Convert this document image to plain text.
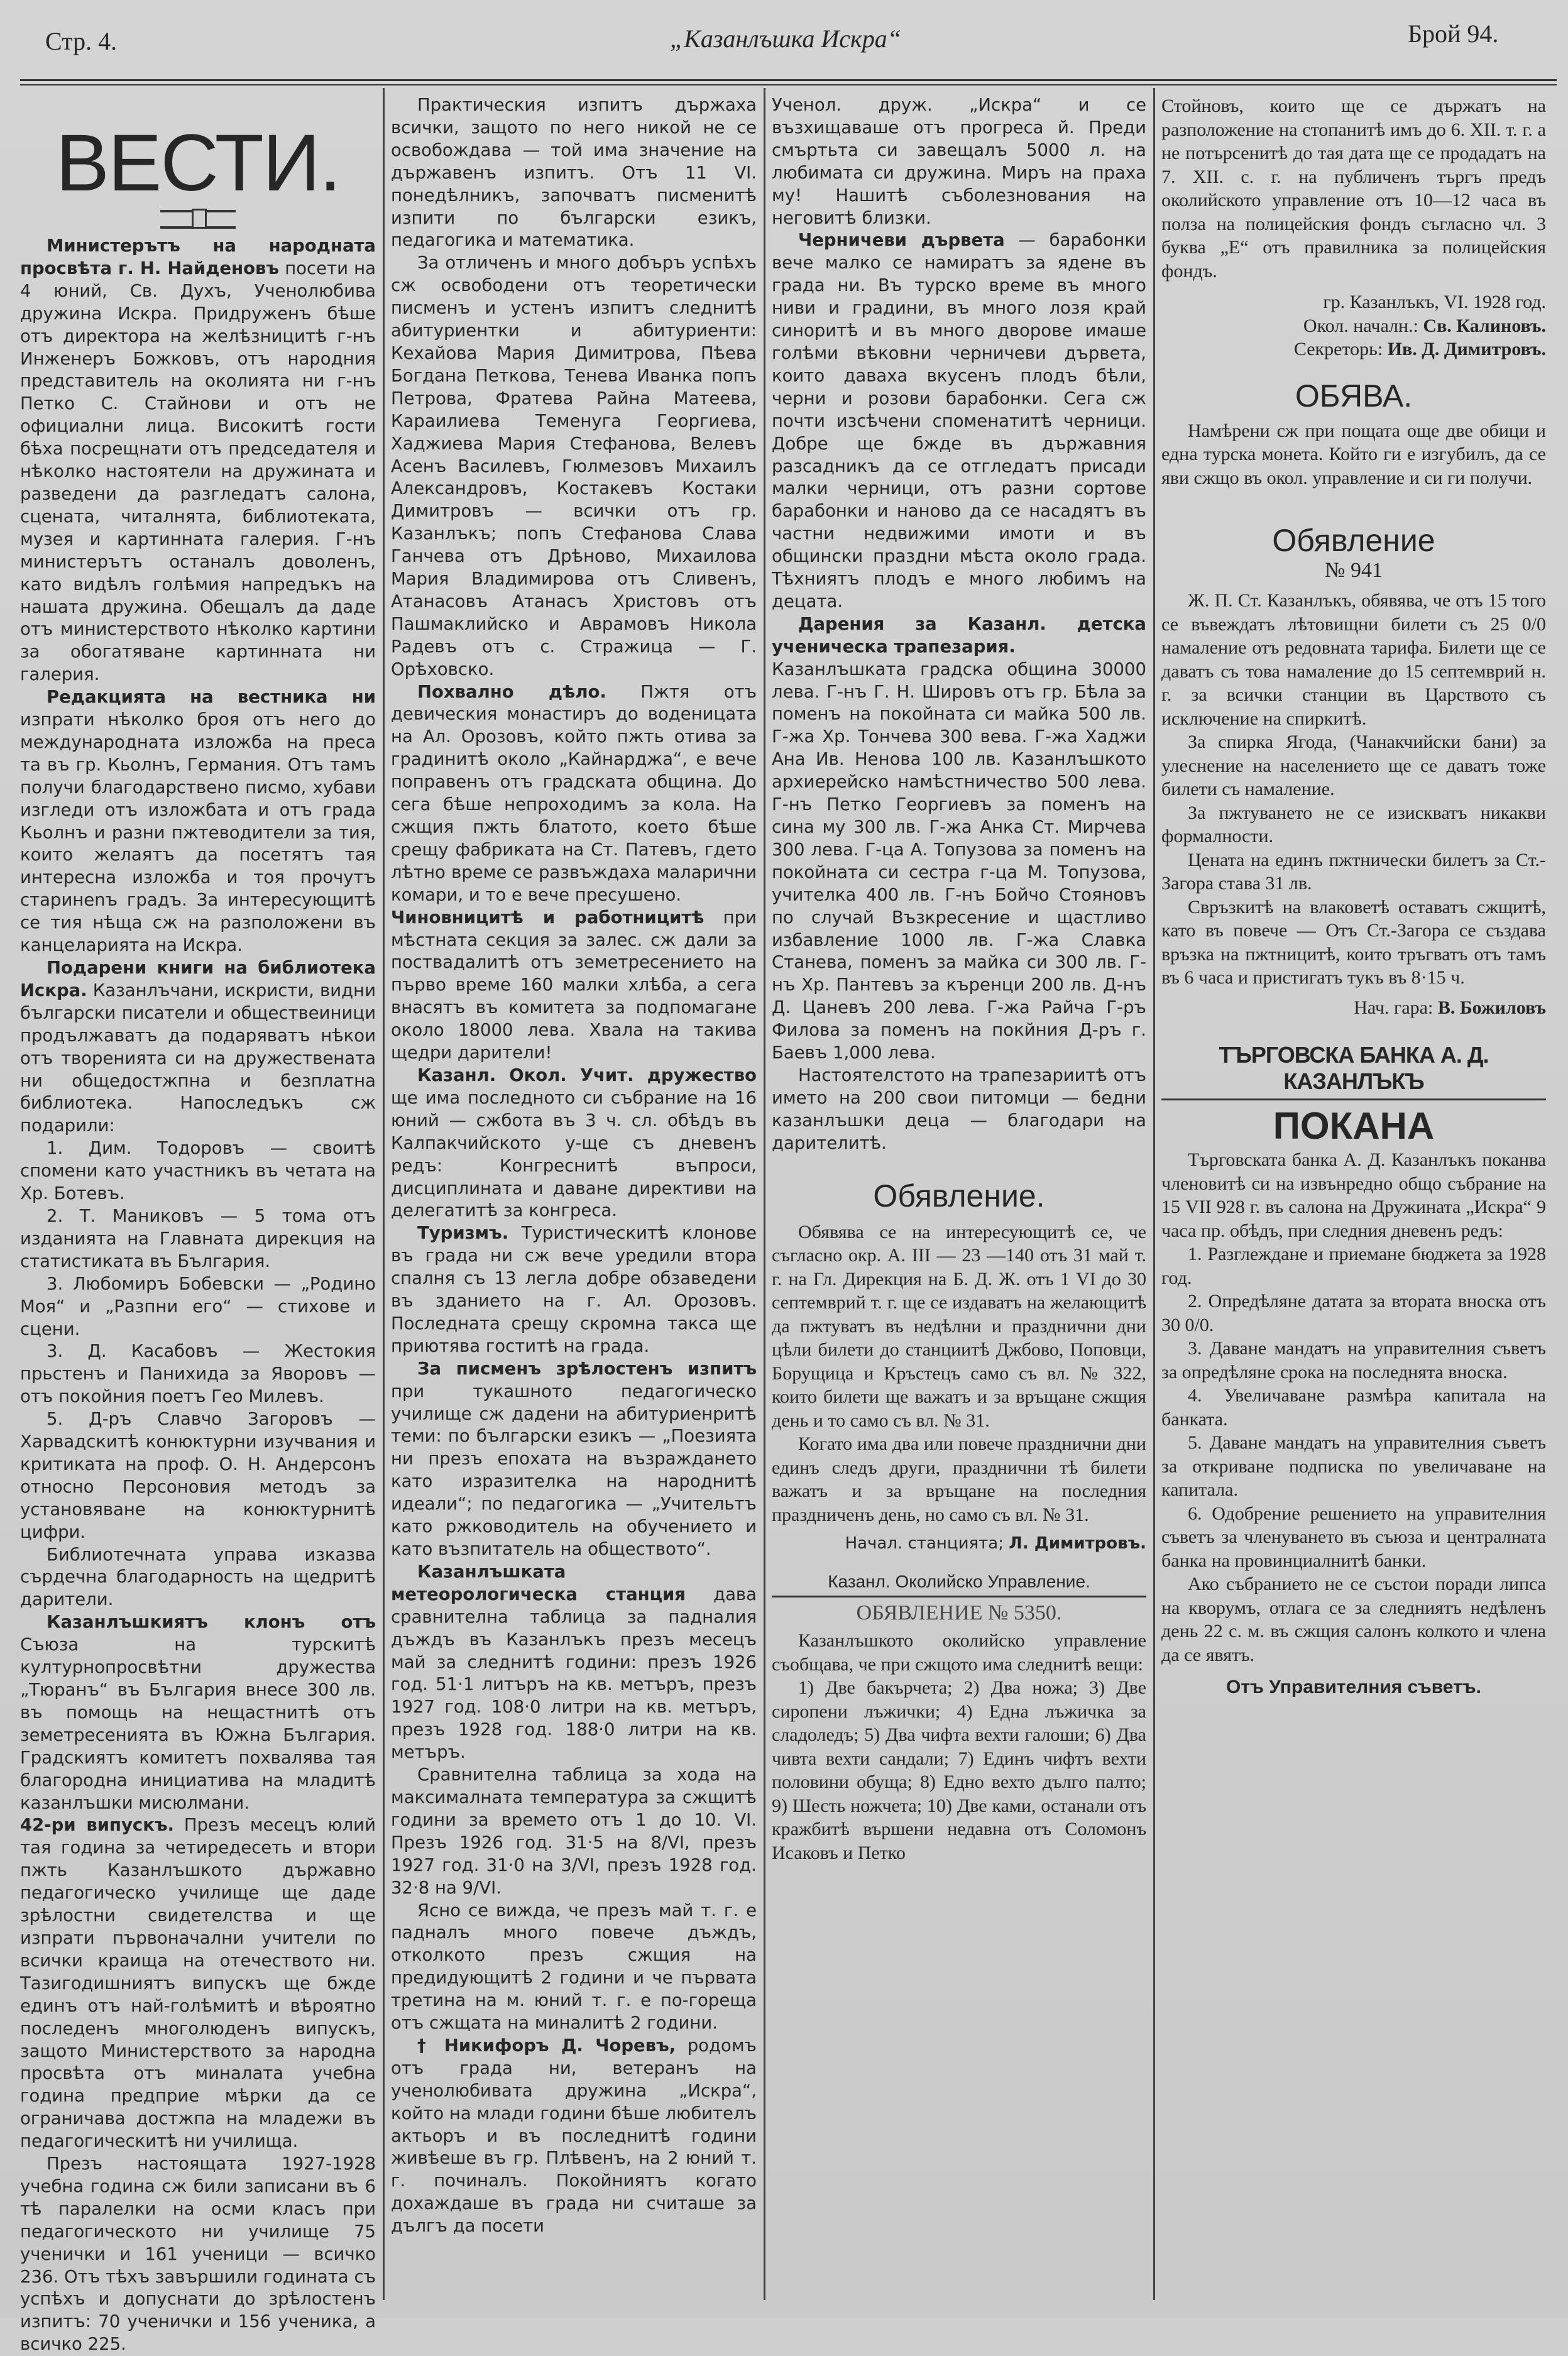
Стр. 4.	„Казанлъшка Искра“	Брой 94.
ВЕСТИ.

Министерътъ на народната просвѣта г. Н. Найденовъ посети на 4 юний, Св. Духъ, Ученолюбива дружина Искра. Придруженъ бѣше отъ директора на желѣзницитѣ г-нъ Инженеръ Божковъ, отъ народния представитель на околията ни г-нъ Петко С. Стайнови и отъ не официални лица. Високитѣ гости бѣха посрещнати отъ председателя и нѣколко настоятели на дружината и разведени да разгледатъ салона, сцената, читалнята, библиотеката, музея и картинната галерия. Г-нъ министерътъ останалъ доволенъ, като видѣлъ голѣмия напредъкъ на нашата дружина. Обещалъ да даде отъ министерството нѣколко картини за обогатяване картинната ни галерия.

Редакцията на вестника ни изпрати нѣколко броя отъ него до международната изложба на преса та въ гр. Кьолнъ, Германия. Отъ тамъ получи благодарствено писмо, хубави изгледи отъ изложбата и отъ града Кьолнъ и разни пжтеводители за тия, които желаятъ да посетятъ тая интересна изложба и тоя прочутъ старинenъ градъ. За интересующитѣ се тия нѣща сж на разположени въ канцеларията на Искра.

Подарени книги на библиотека Искра. Казанлъчани, искристи, видни български писатели и обществеиници продължаватъ да подаряватъ нѣкои отъ творенията си на дружествената ни общедостжпна и безплатна библиотека. Напоследъкъ сж подарили:

1. Дим. Тодоровъ — своитѣ спомени като участникъ въ четата на Хр. Ботевъ.

2. Т. Маниковъ — 5 тома отъ изданията на Главната дирекция на статистиката въ България.

3. Любомиръ Бобевски — „Родино Моя“ и „Разпни его“ — стихове и сцени.

3. Д. Касабовъ — Жестокия прьстенъ и Панихида за Яворовъ — отъ покойния поетъ Гео Милевъ.

5. Д-ръ Славчо Загоровъ — Харвадскитѣ конюктурни изучвания и критиката на проф. О. Н. Андерсонъ относно Персоновия методъ за установяване на конюктурнитѣ цифри.

Библиотечната управа изказва сърдечна благодарность на щедритѣ дарители.

Казанлъшкиятъ клонъ отъ Съюза на турскитѣ културнопросвѣтни дружества „Тюранъ“ въ България внесе 300 лв. въ помощь на нещастнитѣ отъ земетресенията въ Южна България. Градскиятъ комитетъ похвалява тая благородна инициатива на младитѣ казанлъшки мисюлмани.

42-ри випускъ. Презъ месецъ юлий тая година за четиредесеть и втори пжть Казанлъшкото държавно педагогическо училище ще даде зрѣлостни свидетелства и ще изпрати първоначални учители по всички краища на отечеството ни. Тазигодишниятъ випускъ ще бжде единъ отъ най-голѣмитѣ и вѣроятно последенъ многолюденъ випускъ, защото Министерството за народна просвѣта отъ миналата учебна година предприе мѣрки да се ограничава достжпа на младежи въ педагогическитѣ ни училища.

Презъ настоящата 1927-1928 учебна година сж били записани въ 6 тѣ паралелки на осми класъ при педагогическото ни училище 75 ученички и 161 ученици — всичко 236. Отъ тѣхъ завършили годината съ успѣхъ и допуснати до зрѣлостенъ изпитъ: 70 ученички и 156 ученика, а всичко 225.

Практическия изпитъ държаха всички, защото по него никой не се освобождава — той има значение на държавенъ изпитъ. Отъ 11 VI. понедѣлникъ, започватъ писменитѣ изпити по български езикъ, педагогика и математика.

За отличенъ и много добъръ успѣхъ сж освободени отъ теоретически писменъ и устенъ изпитъ следнитѣ абитуриентки и абитуриенти: Кехайова Мария Димитрова, Пѣева Богдана Петкова, Тенева Иванка попъ Петрова, Фратева Райна Матеева, Караилиева Теменуга Георгиева, Хаджиева Мария Стефанова, Велевъ Асенъ Василевъ, Гюлмезовъ Михаилъ Александровъ, Костакевъ Костаки Димитровъ — всички отъ гр. Казанлъкъ; попъ Стефанова Слава Ганчева отъ Дрѣново, Михаилова Мария Владимирова отъ Сливенъ, Атанасовъ Атанасъ Христовъ отъ Пашмаклийско и Аврамовъ Никола Радевъ отъ с. Стражица — Г. Орѣховско.

Похвално дѣло. Пжтя отъ девическия монастиръ до воденицата на Ал. Орозовъ, който пжть отива за градинитѣ около „Кайнарджа“, е вече поправенъ отъ градската община. До сега бѣше непроходимъ за кола. На сжщия пжть блатото, което бѣше срещу фабриката на Ст. Патевъ, гдето лѣтно време се развъждаха маларични комари, и то е вече пресушено.

Чиновницитѣ и работницитѣ при мѣстната секция за залес. сж дали за поствадалитѣ отъ земетресението на първо време 160 малки хлѣба, а сега внасятъ въ комитета за подпомагане около 18000 лева. Хвала на такива щедри дарители!

Казанл. Окол. Учит. дружество ще има последното си събрание на 16 юний — сжбота въ 3 ч. сл. обѣдъ въ Калпакчийското у-ще съ дневенъ редъ: Конгреснитѣ въпроси, дисциплината и даване директиви на делегатитѣ за конгреса.

Туризмъ. Туристическитѣ клонове въ града ни сж вече уредили втора спалня съ 13 легла добре обзаведени въ зданието на г. Ал. Орозовъ. Последната срещу скромна такса ще приютява гоститѣ на града.

За писменъ зрѣлостенъ изпитъ при тукашното педагогическо училище сж дадени на абитуриенритѣ теми: по български езикъ — „Поезията ни презъ епохата на възраждането като изразителка на народнитѣ идеали“; по педагогика — „Учительтъ като ржководитель на обучението и като възпитатель на обществото“.

Казанлъшката метеорологическа станция дава сравнителна таблица за падналия дъждъ въ Казанлъкъ презъ месецъ май за следнитѣ години: презъ 1926 год. 51·1 литъръ на кв. метъръ, презъ 1927 год. 108·0 литри на кв. метъръ, презъ 1928 год. 188·0 литри на кв. метъръ.

Сравнителна таблица за хода на максималната температура за сжщитѣ години за времето отъ 1 до 10. VI. Презъ 1926 год. 31·5 на 8/VI, презъ 1927 год. 31·0 на 3/VI, презъ 1928 год. 32·8 на 9/VI.

Ясно се вижда, че презъ май т. г. е падналъ много повече дъждъ, отколкото презъ сжщия на предидующитѣ 2 години и че първата третина на м. юний т. г. е по-гореща отъ сжщата на миналитѣ 2 години.

† Никифоръ Д. Чоревъ, родомъ отъ града ни, ветеранъ на ученолюбивата дружина „Искра“, който на млади години бѣше любителъ актьоръ и въ последнитѣ години живѣеше въ гр. Плѣвенъ, на 2 юний т. г. починалъ. Покойниятъ когато дохаждаше въ града ни считаше за дългъ да посети

Ученол. друж. „Искра“ и се възхищаваше отъ прогреса й. Преди смъртьта си завещалъ 5000 л. на любимата си дружина. Миръ на праха му! Нашитѣ съболезнования на неговитѣ близки.

Черничеви дървета — барабонки вече малко се намиратъ за ядене въ града ни. Въ турско време въ много ниви и градини, въ много лозя край синоритѣ и въ много дворове имаше голѣми вѣковни черничеви дървета, които даваха вкусенъ плодъ бѣли, черни и розови барабонки. Сега сж почти изсѣчени споменатитѣ черници. Добре ще бжде въ държавния разсадникъ да се отгледатъ присади малки черници, отъ разни сортове барабонки и наново да се насадятъ въ частни недвижими имоти и въ общински праздни мѣста около града. Тѣхниятъ плодъ е много любимъ на децата.

Дарения за Казанл. детска ученическа трапезария.

Казанлъшката градска община 30000 лева. Г-нъ Г. Н. Шировъ отъ гр. Бѣла за поменъ на покойната си майка 500 лв. Г-жа Хр. Тончева 300 вева. Г-жа Хаджи Ана Ив. Ненова 100 лв. Казанлъшкото архиерейско намѣстничество 500 лева. Г-нъ Петко Георгиевъ за поменъ на сина му 300 лв. Г-жа Анка Ст. Мирчева 300 лева. Г-ца А. Топузова за поменъ на покойната си сестра г-ца М. Топузова, учителка 400 лв. Г-нъ Бойчо Стояновъ по случай Възкресение и щастливо избавление 1000 лв. Г-жа Славка Станева, поменъ за майка си 300 лв. Г-нъ Хр. Пантевъ за къренци 200 лв. Д-нъ Д. Цаневъ 200 лева. Г-жа Райча Г-ръ Филова за поменъ на покйния Д-ръ г. Баевъ 1,000 лева.

Настоятелстото на трапезариитѣ отъ името на 200 свои питомци — бедни казанлъшки деца — благодари на дарителитѣ.

Обявление.

Обявява се на интересующитѣ се, че съгласно окр. А. III — 23 —140 отъ 31 май т. г. на Гл. Дирекция на Б. Д. Ж. отъ 1 VI до 30 септемврий т. г. ще се издаватъ на желающитѣ да пжтуватъ въ недѣлни и празднични дни цѣли билети до станциитѣ Джбово, Поповци, Борущица и Кръстецъ само съ вл. № 322, които билети ще важатъ и за връщане сжщия день и то само съ вл. № 31.

Когато има два или повече празднични дни единъ следъ други, празднични тѣ билети важатъ и за връщане на последния праздниченъ день, но само съ вл. № 31.

Начал. станцията; Л. Димитровъ.

Казанл. Околийско Управление.
ОБЯВЛЕНИЕ № 5350.

Казанлъшкото околийско управление съобщава, че при сжщото има следнитѣ вещи:

1) Две бакърчета; 2) Два ножа; 3) Две сиропени лъжички; 4) Една лъжичка за сладоледъ; 5) Два чифта вехти галоши; 6) Два чивта вехти сандали; 7) Единъ чифтъ вехти половини обуща; 8) Едно вехто дълго палто; 9) Шесть ножчета; 10) Две ками, останали отъ кражбитѣ вършени недавна отъ Соломонъ Исаковъ и Петко

Стойновъ, които ще се държатъ на разположение на стопанитѣ имъ до 6. XII. т. г. а не потърсенитѣ до тая дата ще се продадатъ на 7. XII. с. г. на публиченъ търгъ предъ околийското управление отъ 10—12 часа въ полза на полицейския фондъ съгласно чл. 3 буква „Е“ отъ правилника за полицейския фондъ.

гр. Казанлъкъ, VI. 1928 год.

Окол. началн.: Св. Калиновъ.

Секреторь: Ив. Д. Димитровъ.

ОБЯВА.

Намѣрени сж при пощата още две обици и една турска монета. Който ги е изгубилъ, да се яви сжщо въ окол. управление и си ги получи.

Обявление
№ 941

Ж. П. Ст. Казанлъкъ, обявява, че отъ 15 того се въвеждатъ лѣтовищни билети съ 25 0/0 намаление отъ редовната тарифа. Билети ще се даватъ съ това намаление до 15 септемврий н. г. за всички станции въ Царството съ исключение на спиркитѣ.

За спирка Ягода, (Чанакчийски бани) за улеснение на населението ще се даватъ тоже билети съ намаление.

За пжтуването не се изискватъ никакви формалности.

Цената на единъ пжтнически билетъ за Ст.-Загора става 31 лв.

Свръзкитѣ на влаковетѣ оставатъ сжщитѣ, като въ повече — Отъ Ст.-Загора се създава връзка на пжтницитѣ, които тръгватъ отъ тамъ въ 6 часа и пристигатъ тукъ въ 8·15 ч.

Нач. гара: В. Божиловъ

ТЪРГОВСКА БАНКА А. Д. КАЗАНЛЪКЪ
ПОКАНА

Търговската банка А. Д. Казанлъкъ поканва членовитѣ си на извънредно общо събрание на 15 VII 928 г. въ салона на Дружината „Искра“ 9 часа пр. обѣдъ, при следния дневенъ редъ:

1. Разглеждане и приемане бюджета за 1928 год.

2. Опредѣляне датата за втората вноска отъ 30 0/0.

3. Даване мандатъ на управителния съветъ за опредѣляне срока на последнята вноска.

4. Увеличаване размѣра капитала на банката.

5. Даване мандатъ на управителния съветъ за откриване подписка по увеличаване на капитала.

6. Одобрение решението на управителния съветъ за членуването въ съюза и централната банка на провинциалнитѣ банки.

Ако събранието не се състои поради липса на кворумъ, отлага се за следниятъ недѣленъ день 22 с. м. въ сжщия салонъ колкото и члена да се явятъ.

Отъ Управителния съветъ.
